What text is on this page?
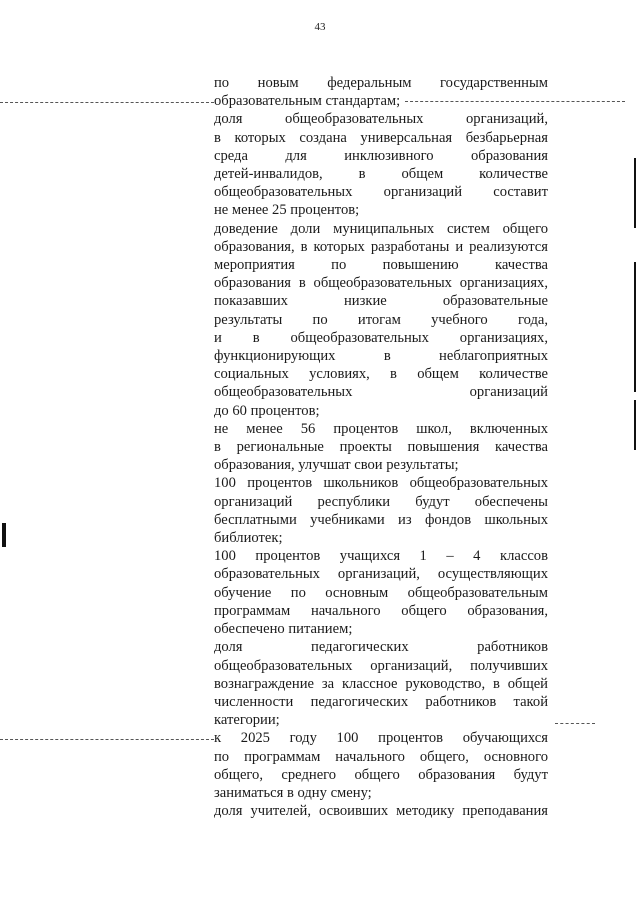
43

по новым федеральным государственным
образовательным стандартам;

доля общеобразовательных организаций,
в которых создана универсальная безбарьерная
среда для инклюзивного образования
детей-инвалидов, в общем количестве
общеобразовательных организаций составит
не менее 25 процентов;

доведение доли муниципальных систем общего
образования, в которых разработаны и реализуются
мероприятия по повышению качества
образования в общеобразовательных организациях,
показавших низкие образовательные
результаты по итогам учебного года,
и в общеобразовательных организациях,
функционирующих в неблагоприятных
социальных условиях, в общем количестве
общеобразовательных организаций
до 60 процентов;

не менее 56 процентов школ, включенных
в региональные проекты повышения качества
образования, улучшат свои результаты;

100 процентов школьников общеобразовательных
организаций республики будут обеспечены
бесплатными учебниками из фондов школьных
библиотек;

100 процентов учащихся 1 – 4 классов
образовательных организаций, осуществляющих
обучение по основным общеобразовательным
программам начального общего образования,
обеспечено питанием;

доля педагогических работников
общеобразовательных организаций, получивших
вознаграждение за классное руководство, в общей
численности педагогических работников такой
категории;

к 2025 году 100 процентов обучающихся
по программам начального общего, основного
общего, среднего общего образования будут
заниматься в одну смену;

доля учителей, освоивших методику преподавания
